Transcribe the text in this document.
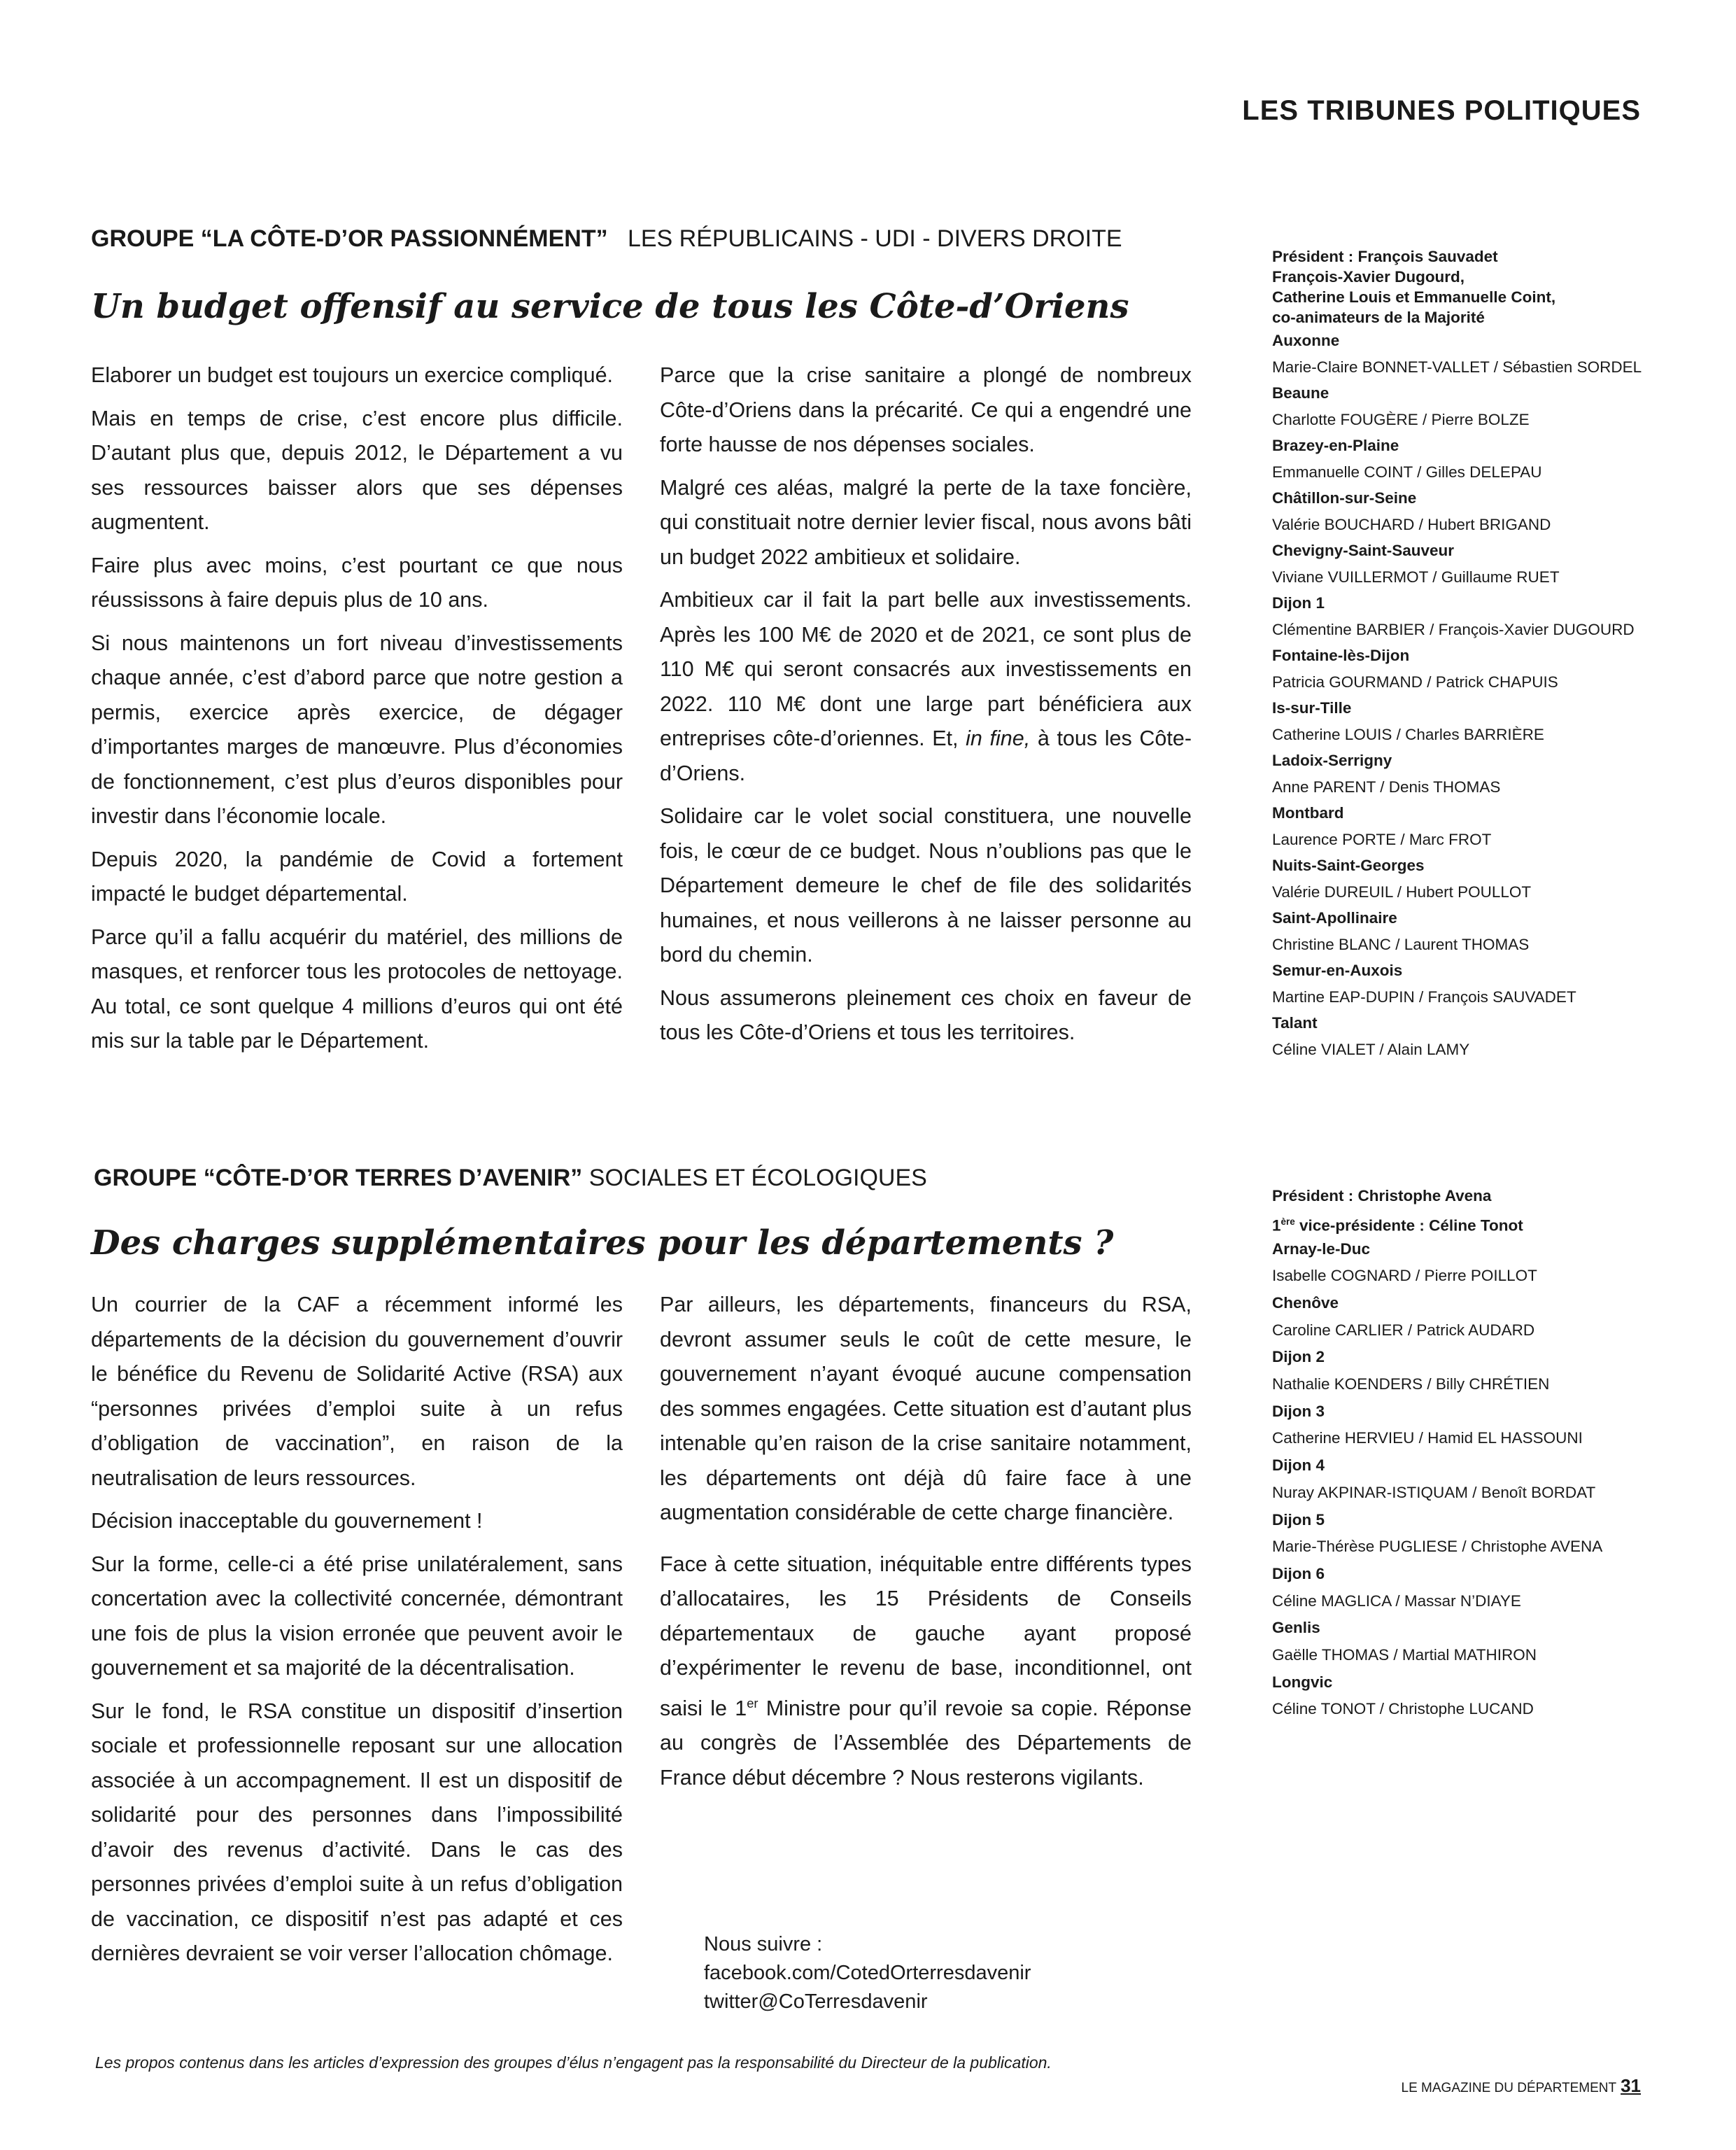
LES TRIBUNES POLITIQUES
GROUPE “LA CÔTE-D’OR PASSIONNÉMENT” LES RÉPUBLICAINS - UDI - DIVERS DROITE
Un budget offensif au service de tous les Côte-d’Oriens

Elaborer un budget est toujours un exercice compliqué.

Mais en temps de crise, c’est encore plus difficile. D’autant plus que, depuis 2012, le Département a vu ses ressources baisser alors que ses dépenses augmentent.

Faire plus avec moins, c’est pourtant ce que nous réussissons à faire depuis plus de 10 ans.

Si nous maintenons un fort niveau d’investissements chaque année, c’est d’abord parce que notre gestion a permis, exercice après exercice, de dégager d’importantes marges de manœuvre. Plus d’économies de fonctionnement, c’est plus d’euros disponibles pour investir dans l’économie locale.

Depuis 2020, la pandémie de Covid a fortement impacté le budget départemental.

Parce qu’il a fallu acquérir du matériel, des millions de masques, et renforcer tous les protocoles de nettoyage. Au total, ce sont quelque 4 millions d’euros qui ont été mis sur la table par le Département.

Parce que la crise sanitaire a plongé de nombreux Côte-d’Oriens dans la précarité. Ce qui a engendré une forte hausse de nos dépenses sociales.

Malgré ces aléas, malgré la perte de la taxe foncière, qui constituait notre dernier levier fiscal, nous avons bâti un budget 2022 ambitieux et solidaire.

Ambitieux car il fait la part belle aux investissements. Après les 100 M€ de 2020 et de 2021, ce sont plus de 110 M€ qui seront consacrés aux investissements en 2022. 110 M€ dont une large part bénéficiera aux entreprises côte-d’oriennes. Et, in fine, à tous les Côte-d’Oriens.

Solidaire car le volet social constituera, une nouvelle fois, le cœur de ce budget. Nous n’oublions pas que le Département demeure le chef de file des solidarités humaines, et nous veillerons à ne laisser personne au bord du chemin.

Nous assumerons pleinement ces choix en faveur de tous les Côte-d’Oriens et tous les territoires.

Président : François Sauvadet
François-Xavier Dugourd,
Catherine Louis et Emmanuelle Coint,
co-animateurs de la Majorité
Auxonne
Marie-Claire BONNET-VALLET / Sébastien SORDEL
Beaune
Charlotte FOUGÈRE / Pierre BOLZE
Brazey-en-Plaine
Emmanuelle COINT / Gilles DELEPAU
Châtillon-sur-Seine
Valérie BOUCHARD / Hubert BRIGAND
Chevigny-Saint-Sauveur
Viviane VUILLERMOT / Guillaume RUET
Dijon 1
Clémentine BARBIER / François-Xavier DUGOURD
Fontaine-lès-Dijon
Patricia GOURMAND / Patrick CHAPUIS
Is-sur-Tille
Catherine LOUIS / Charles BARRIÈRE
Ladoix-Serrigny
Anne PARENT / Denis THOMAS
Montbard
Laurence PORTE / Marc FROT
Nuits-Saint-Georges
Valérie DUREUIL / Hubert POULLOT
Saint-Apollinaire
Christine BLANC / Laurent THOMAS
Semur-en-Auxois
Martine EAP-DUPIN / François SAUVADET
Talant
Céline VIALET / Alain LAMY
GROUPE “CÔTE-D’OR TERRES D’AVENIR” SOCIALES ET ÉCOLOGIQUES
Des charges supplémentaires pour les départements ?

Un courrier de la CAF a récemment informé les départements de la décision du gouvernement d’ouvrir le bénéfice du Revenu de Solidarité Active (RSA) aux “personnes privées d’emploi suite à un refus d’obligation de vaccination”, en raison de la neutralisation de leurs ressources.

Décision inacceptable du gouvernement !

Sur la forme, celle-ci a été prise unilatéralement, sans concertation avec la collectivité concernée, démontrant une fois de plus la vision erronée que peuvent avoir le gouvernement et sa majorité de la décentralisation.

Sur le fond, le RSA constitue un dispositif d’insertion sociale et professionnelle reposant sur une allocation associée à un accompagnement. Il est un dispositif de solidarité pour des personnes dans l’impossibilité d’avoir des revenus d’activité. Dans le cas des personnes privées d’emploi suite à un refus d’obligation de vaccination, ce dispositif n’est pas adapté et ces dernières devraient se voir verser l’allocation chômage.

Par ailleurs, les départements, financeurs du RSA, devront assumer seuls le coût de cette mesure, le gouvernement n’ayant évoqué aucune compensation des sommes engagées. Cette situation est d’autant plus intenable qu’en raison de la crise sanitaire notamment, les départements ont déjà dû faire face à une augmentation considérable de cette charge financière.

Face à cette situation, inéquitable entre différents types d’allocataires, les 15 Présidents de Conseils départementaux de gauche ayant proposé d’expérimenter le revenu de base, inconditionnel, ont saisi le 1er Ministre pour qu’il revoie sa copie. Réponse au congrès de l’Assemblée des Départements de France début décembre ? Nous resterons vigilants.

Nous suivre :
facebook.com/CotedOrterresdavenir
twitter@CoTerresdavenir
Président : Christophe Avena
1ère vice-présidente : Céline Tonot
Arnay-le-Duc
Isabelle COGNARD / Pierre POILLOT
Chenôve
Caroline CARLIER / Patrick AUDARD
Dijon 2
Nathalie KOENDERS / Billy CHRÉTIEN
Dijon 3
Catherine HERVIEU / Hamid EL HASSOUNI
Dijon 4
Nuray AKPINAR-ISTIQUAM / Benoît BORDAT
Dijon 5
Marie-Thérèse PUGLIESE / Christophe AVENA
Dijon 6
Céline MAGLICA / Massar N’DIAYE
Genlis
Gaëlle THOMAS / Martial MATHIRON
Longvic
Céline TONOT / Christophe LUCAND
Les propos contenus dans les articles d’expression des groupes d’élus n’engagent pas la responsabilité du Directeur de la publication.
LE MAGAZINE DU DÉPARTEMENT 31
